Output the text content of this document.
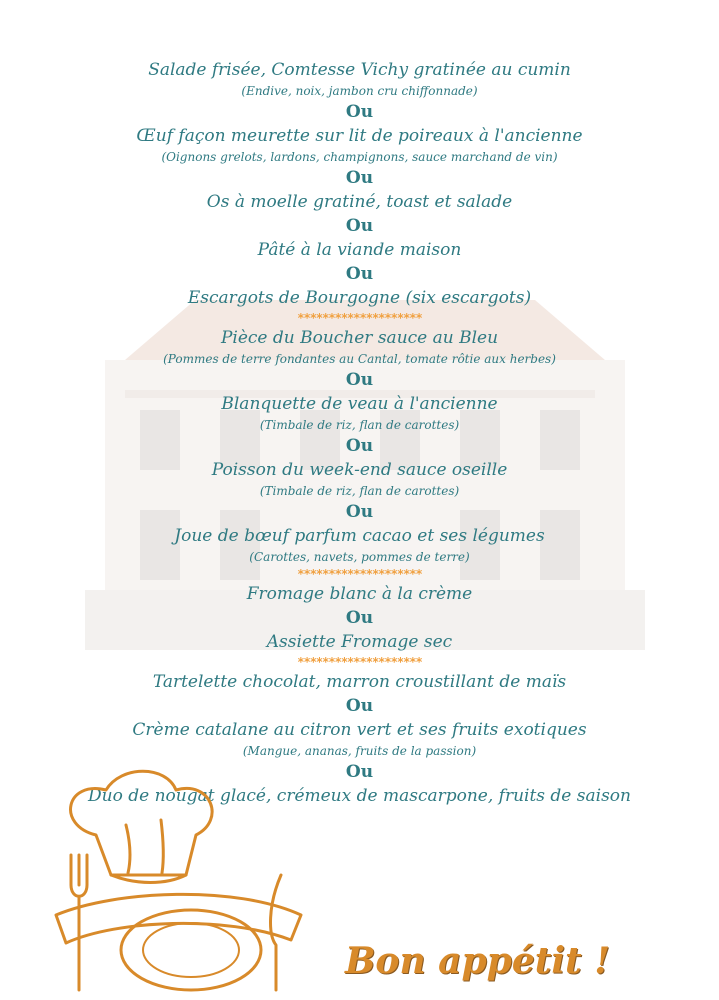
Salade frisée, Comtesse Vichy gratinée au cumin

(Endive, noix, jambon cru chiffonnade)

Ou

Œuf façon meurette sur lit de poireaux à l'ancienne

(Oignons grelots, lardons, champignons, sauce marchand de vin)

Ou

Os à moelle gratiné, toast et salade

Ou

Pâté à la viande maison

Ou

Escargots de Bourgogne (six escargots)

********************

Pièce du Boucher sauce au Bleu

(Pommes de terre fondantes au Cantal, tomate rôtie aux herbes)

Ou

Blanquette de veau à l'ancienne

(Timbale de riz, flan de carottes)

Ou

Poisson du week-end sauce oseille

(Timbale de riz, flan de carottes)

Ou

Joue de bœuf parfum cacao et ses légumes

(Carottes, navets, pommes de terre)

********************

Fromage blanc à la crème

Ou

Assiette Fromage sec

********************

Tartelette chocolat, marron croustillant de maïs

Ou

Crème catalane au citron vert et ses fruits exotiques

(Mangue, ananas, fruits de la passion)

Ou

Duo de nougat glacé, crémeux de mascarpone, fruits de saison

Bon appétit !
